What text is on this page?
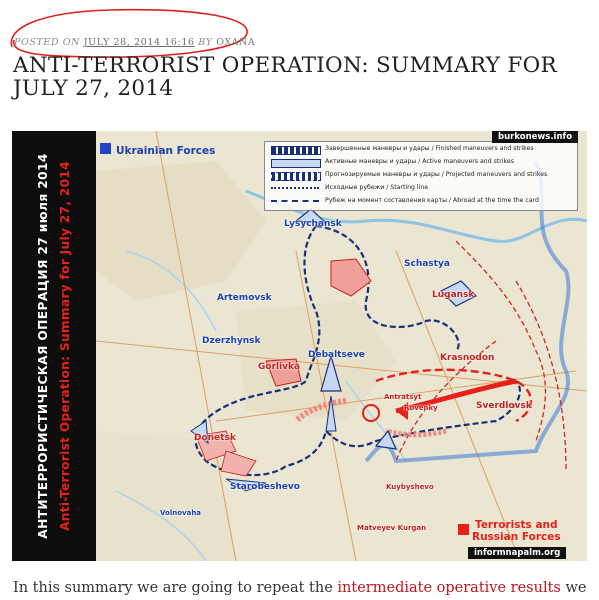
POSTED ON JULY 28, 2014 16:16 BY OXANA
ANTI-TERRORIST OPERATION: SUMMARY FOR JULY 27, 2014
АНТИТЕРРОРИСТИЧЕСКАЯ ОПЕРАЦИЯ 27 июля 2014 Anti-Terrorist Operation: Summary for July 27, 2014
Завершенные маневры и удары / Finished maneuvers and strikes
Активные маневры и удары / Active maneuvers and strikes
Прогнозируемые маневры и удары / Projected maneuvers and strikes
Исходные рубежи / Starting line
Рубеж на момент составления карты / Abroad at the time the card
burkonews.info
informnapalm.org
Ukrainian Forces
Terrorists and
Russian Forces
Lysychansk
Schastya
Lugansk
Artemovsk
Dzerzhynsk
Debaltseve
Gorlivka
Krasnodon
Antratsyt
Rovenky	Sverdlovsk
Donetsk
Starobeshevo
Volnovaha
Kuybyshevo
Matveyev Kurgan
In this summary we are going to repeat the intermediate operative results we
